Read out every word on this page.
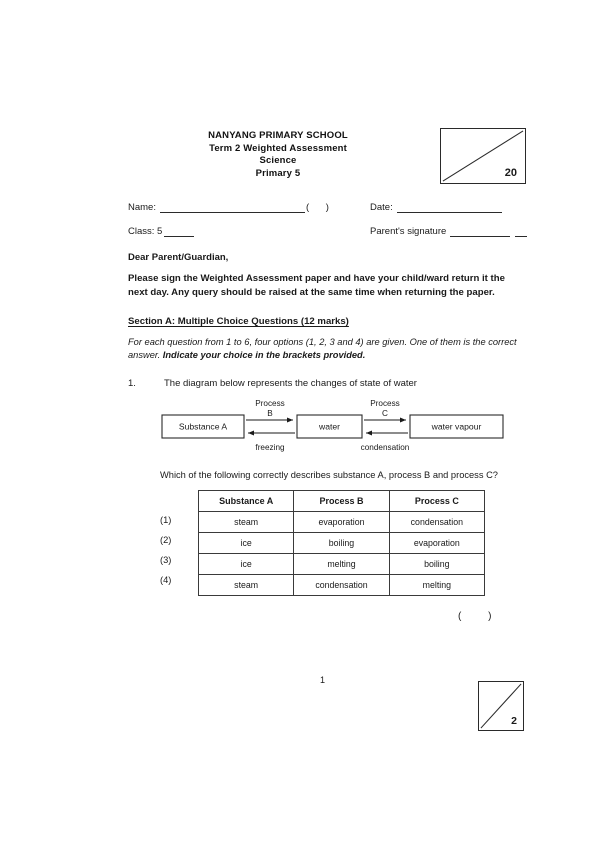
NANYANG PRIMARY SCHOOL
Term 2 Weighted Assessment
Science
Primary 5	20
Name:	( )
Class: 5
Date:
Parent's signature
Dear Parent/Guardian,
Please sign the Weighted Assessment paper and have your child/ward return it the next day. Any query should be raised at the same time when returning the paper.
Section A: Multiple Choice Questions (12 marks)
For each question from 1 to 6, four options (1, 2, 3 and 4) are given. One of them is the correct answer. Indicate your choice in the brackets provided.
1.	The diagram below represents the changes of state of water
Substance A	water	water vapour
Process
B
freezing
Process
C
condensation
Which of the following correctly describes substance A, process B and process C?
(1)
(2)
(3)
(4)
Substance A	Process B	Process C
steam	evaporation	condensation
ice	boiling	evaporation
ice	melting	boiling
steam	condensation	melting
( )
1
2
